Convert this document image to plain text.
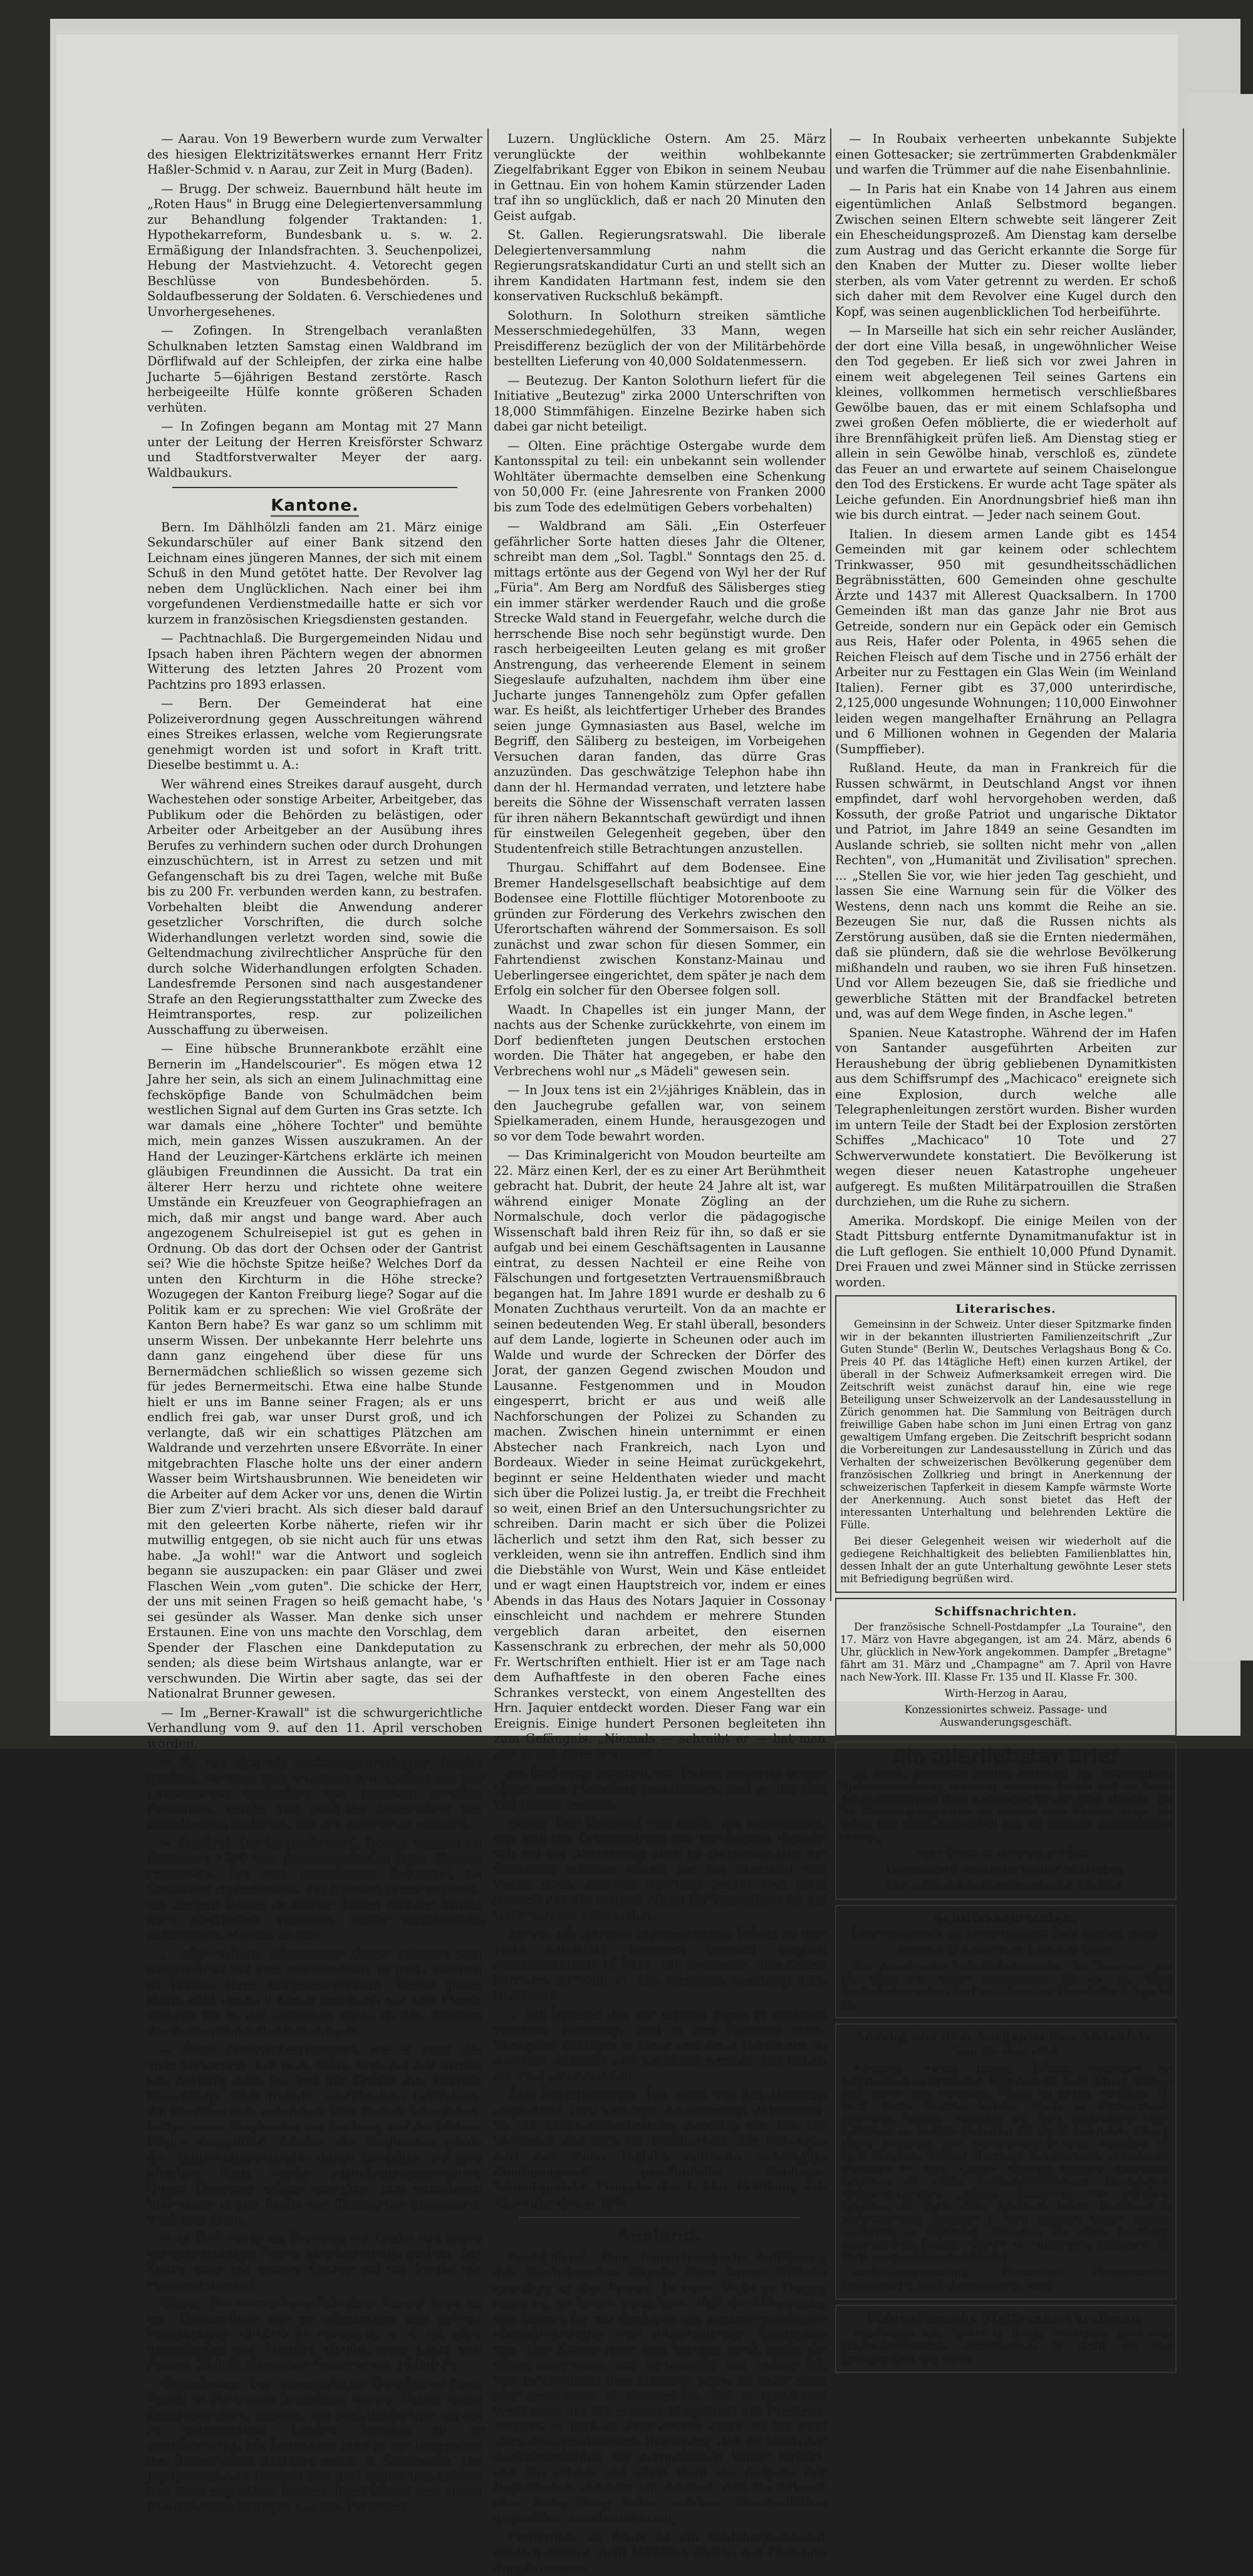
— Aarau. Von 19 Bewerbern wurde zum Verwalter des hiesigen Elektrizitätswerkes ernannt Herr Fritz Haßler-Schmid v. n Aarau, zur Zeit in Murg (Baden).

— Brugg. Der schweiz. Bauernbund hält heute im „Roten Haus" in Brugg eine Delegiertenversammlung zur Behandlung folgender Traktanden: 1. Hypothekarreform, Bundesbank u. s. w. 2. Ermäßigung der Inlandsfrachten. 3. Seuchenpolizei, Hebung der Mastviehzucht. 4. Vetorecht gegen Beschlüsse von Bundesbehörden. 5. Soldaufbesserung der Soldaten. 6. Verschiedenes und Unvorhergesehenes.

— Zofingen. In Strengelbach veranlaßten Schulknaben letzten Samstag einen Waldbrand im Dörflifwald auf der Schleipfen, der zirka eine halbe Jucharte 5—6jährigen Bestand zerstörte. Rasch herbeigeeilte Hülfe konnte größeren Schaden verhüten.

— In Zofingen begann am Montag mit 27 Mann unter der Leitung der Herren Kreisförster Schwarz und Stadtforstverwalter Meyer der aarg. Waldbaukurs.

Kantone.

Bern. Im Dählhölzli fanden am 21. März einige Sekundarschüler auf einer Bank sitzend den Leichnam eines jüngeren Mannes, der sich mit einem Schuß in den Mund getötet hatte. Der Revolver lag neben dem Unglücklichen. Nach einer bei ihm vorgefundenen Verdienstmedaille hatte er sich vor kurzem in französischen Kriegsdiensten gestanden.

— Pachtnachlaß. Die Burgergemeinden Nidau und Ipsach haben ihren Pächtern wegen der abnormen Witterung des letzten Jahres 20 Prozent vom Pachtzins pro 1893 erlassen.

— Bern. Der Gemeinderat hat eine Polizeiverordnung gegen Ausschreitungen während eines Streikes erlassen, welche vom Regierungsrate genehmigt worden ist und sofort in Kraft tritt. Dieselbe bestimmt u. A.:

Wer während eines Streikes darauf ausgeht, durch Wachestehen oder sonstige Arbeiter, Arbeitgeber, das Publikum oder die Behörden zu belästigen, oder Arbeiter oder Arbeitgeber an der Ausübung ihres Berufes zu verhindern suchen oder durch Drohungen einzuschüchtern, ist in Arrest zu setzen und mit Gefangenschaft bis zu drei Tagen, welche mit Buße bis zu 200 Fr. verbunden werden kann, zu bestrafen. Vorbehalten bleibt die Anwendung anderer gesetzlicher Vorschriften, die durch solche Widerhandlungen verletzt worden sind, sowie die Geltendmachung zivilrechtlicher Ansprüche für den durch solche Widerhandlungen erfolgten Schaden. Landesfremde Personen sind nach ausgestandener Strafe an den Regierungsstatthalter zum Zwecke des Heimtransportes, resp. zur polizeilichen Ausschaffung zu überweisen.

— Eine hübsche Brunnerankbote erzählt eine Bernerin im „Handelscourier". Es mögen etwa 12 Jahre her sein, als sich an einem Julinachmittag eine fechsköpfige Bande von Schulmädchen beim westlichen Signal auf dem Gurten ins Gras setzte. Ich war damals eine „höhere Tochter" und bemühte mich, mein ganzes Wissen auszukramen. An der Hand der Leuzinger-Kärtchens erklärte ich meinen gläubigen Freundinnen die Aussicht. Da trat ein älterer Herr herzu und richtete ohne weitere Umstände ein Kreuzfeuer von Geographiefragen an mich, daß mir angst und bange ward. Aber auch angezogenem Schulreisepiel ist gut es gehen in Ordnung. Ob das dort der Ochsen oder der Gantrist sei? Wie die höchste Spitze heiße? Welches Dorf da unten den Kirchturm in die Höhe strecke? Wozugegen der Kanton Freiburg liege? Sogar auf die Politik kam er zu sprechen: Wie viel Großräte der Kanton Bern habe? Es war ganz so um schlimm mit unserm Wissen. Der unbekannte Herr belehrte uns dann ganz eingehend über diese für uns Bernermädchen schließlich so wissen gezeme sich für jedes Bernermeitschi. Etwa eine halbe Stunde hielt er uns im Banne seiner Fragen; als er uns endlich frei gab, war unser Durst groß, und ich verlangte, daß wir ein schattiges Plätzchen am Waldrande und verzehrten unsere Eßvorräte. In einer mitgebrachten Flasche holte uns der einer andern Wasser beim Wirtshausbrunnen. Wie beneideten wir die Arbeiter auf dem Acker vor uns, denen die Wirtin Bier zum Z'vieri bracht. Als sich dieser bald darauf mit den geleerten Korbe näherte, riefen wir ihr mutwillig entgegen, ob sie nicht auch für uns etwas habe. „Ja wohl!" war die Antwort und sogleich begann sie auszupacken: ein paar Gläser und zwei Flaschen Wein „vom guten". Die schicke der Herr, der uns mit seinen Fragen so heiß gemacht habe, 's sei gesünder als Wasser. Man denke sich unser Erstaunen. Eine von uns machte den Vorschlag, dem Spender der Flaschen eine Dankdeputation zu senden; als diese beim Wirtshaus anlangte, war er verschwunden. Die Wirtin aber sagte, das sei der Nationalrat Brunner gewesen.

— Im „Berner-Krawall" ist die schwurgerichtliche Verhandlung vom 9. auf den 11. April verschoben worden.

— Es hat sich ein sozialdemokratisches Komite gebildet, welches den Arbeitern den Austritt aus der Landeskirche erleichtern will. Wasfliegt verteilte Formulare, welche bloß noch der Unterschrift des Betreffenden bedürfen, um den Austritt zu erklären.

— Pruntrut. Der Raubmörder C. Doyon, welcher im Dezember 1890 den Bankangestellten Beda Thomas ermordete, lief laut jurassischen Zeitungen im Gefängnis eingestanden, der Urheber eines weiteren, vor einigen Jahren an Olivier Studer auf der Straße nach Courtedoux verübten, bisher unaufgeklärt gebliebenen Mordes zu sein.

— Eine seltene militärische Größe befindet sich gegenwärtig auf dem Beundenfelde in Bern, nämlich in Person eines Dragonerrekruten. Dieser junge Mann mißt genau 2 Meter und kann auf dem Pferde stehend bis zu der untersten Säule an den Bändern des Gauls abheruntenherschlagen.

— Einen Arrestantentransport, wie er nicht alle Tage vorkommt, sah man letzte Tage auf der Straße von Aarberg nach Ins und der Grenze des Kantons Neuenburg. Zwei fremde, schriftenlose Individuen, die überdies sich weigerten, ihre Namen anzugeben, hatten einen Elephanten von Aarberg und die hintern Wägen weggeführt. Inhaber des Elephanten wurde der Regierungsstatthalter durch Landjäger auf dem gleichen Wege wieder zurückzutransportieren. Dieser Dragoner beiden schriften- und mittellosen Individuen in den Besitz des Elephanten gekommen, weiß man nicht.

— In Biel wurde am Dienstag ein Knabe von einem schwerbeladenen Wagen überfahren und getötet. Der Knabe hatte mit andern Knaben auf der Straße mit Marmeln gespielt.

Glarus. Der verstorbene Fabrikant Kaspar Jenni an der Ziegelbrücke hat an öffentlichen und private Vergabungen 120,000 Fr. vermacht; u. A. an seine Angestellten und Arbeiter 46,000, arme Leute und Private 30,000, Gemeinde Niederurnen 18,000 Fr.

Graubünden. Der bündnerische Bergführer Andr. Rauch in Pontresina begleitete diesen Winter einen Engländer nach Arabien, um dort großartige Jagden zu unternehmen. Letzten Samstag ist er zurückgekehrt. Die letzte Jagd fand in der Umgebung des Berges Sinai statt und ergab 36 Steinböcke. Die Jagdgesellschaft bestand aus drei englischen Herren und zwei englischen Damen, Jäger Rauch und einem französischen Kollegen aus den Pyrenäen.

Luzern. Unglückliche Ostern. Am 25. März verunglückte der weithin wohlbekannte Ziegelfabrikant Egger von Ebikon in seinem Neubau in Gettnau. Ein von hohem Kamin stürzender Laden traf ihn so unglücklich, daß er nach 20 Minuten den Geist aufgab.

St. Gallen. Regierungsratswahl. Die liberale Delegiertenversammlung nahm die Regierungsratskandidatur Curti an und stellt sich an ihrem Kandidaten Hartmann fest, indem sie den konservativen Ruckschluß bekämpft.

Solothurn. In Solothurn streiken sämtliche Messerschmiedegehülfen, 33 Mann, wegen Preisdifferenz bezüglich der von der Militärbehörde bestellten Lieferung von 40,000 Soldatenmessern.

— Beutezug. Der Kanton Solothurn liefert für die Initiative „Beutezug" zirka 2000 Unterschriften von 18,000 Stimmfähigen. Einzelne Bezirke haben sich dabei gar nicht beteiligt.

— Olten. Eine prächtige Ostergabe wurde dem Kantonsspital zu teil: ein unbekannt sein wollender Wohltäter übermachte demselben eine Schenkung von 50,000 Fr. (eine Jahresrente von Franken 2000 bis zum Tode des edelmütigen Gebers vorbehalten)

— Waldbrand am Säli. „Ein Osterfeuer gefährlicher Sorte hatten dieses Jahr die Oltener, schreibt man dem „Sol. Tagbl." Sonntags den 25. d. mittags ertönte aus der Gegend von Wyl her der Ruf „Füria". Am Berg am Nordfuß des Sälisberges stieg ein immer stärker werdender Rauch und die große Strecke Wald stand in Feuergefahr, welche durch die herrschende Bise noch sehr begünstigt wurde. Den rasch herbeigeeilten Leuten gelang es mit großer Anstrengung, das verheerende Element in seinem Siegeslaufe aufzuhalten, nachdem ihm über eine Jucharte junges Tannengehölz zum Opfer gefallen war. Es heißt, als leichtfertiger Urheber des Brandes seien junge Gymnasiasten aus Basel, welche im Begriff, den Säliberg zu besteigen, im Vorbeigehen Versuchen daran fanden, das dürre Gras anzuzünden. Das geschwätzige Telephon habe ihn dann der hl. Hermandad verraten, und letztere habe bereits die Söhne der Wissenschaft verraten lassen für ihren nähern Bekanntschaft gewürdigt und ihnen für einstweilen Gelegenheit gegeben, über den Studentenfreich stille Betrachtungen anzustellen.

Thurgau. Schiffahrt auf dem Bodensee. Eine Bremer Handelsgesellschaft beabsichtige auf dem Bodensee eine Flottille flüchtiger Motorenboote zu gründen zur Förderung des Verkehrs zwischen den Uferortschaften während der Sommersaison. Es soll zunächst und zwar schon für diesen Sommer, ein Fahrtendienst zwischen Konstanz-Mainau und Ueberlingersee eingerichtet, dem später je nach dem Erfolg ein solcher für den Obersee folgen soll.

Waadt. In Chapelles ist ein junger Mann, der nachts aus der Schenke zurückkehrte, von einem im Dorf bedienfteten jungen Deutschen erstochen worden. Die Thäter hat angegeben, er habe den Verbrechens wohl nur „s Mädeli" gewesen sein.

— In Joux tens ist ein 2½jähriges Knäblein, das in den Jauchegrube gefallen war, von seinem Spielkameraden, einem Hunde, herausgezogen und so vor dem Tode bewahrt worden.

— Das Kriminalgericht von Moudon beurteilte am 22. März einen Kerl, der es zu einer Art Berühmtheit gebracht hat. Dubrit, der heute 24 Jahre alt ist, war während einiger Monate Zögling an der Normalschule, doch verlor die pädagogische Wissenschaft bald ihren Reiz für ihn, so daß er sie aufgab und bei einem Geschäftsagenten in Lausanne eintrat, zu dessen Nachteil er eine Reihe von Fälschungen und fortgesetzten Vertrauensmißbrauch begangen hat. Im Jahre 1891 wurde er deshalb zu 6 Monaten Zuchthaus verurteilt. Von da an machte er seinen bedeutenden Weg. Er stahl überall, besonders auf dem Lande, logierte in Scheunen oder auch im Walde und wurde der Schrecken der Dörfer des Jorat, der ganzen Gegend zwischen Moudon und Lausanne. Festgenommen und in Moudon eingesperrt, bricht er aus und weiß alle Nachforschungen der Polizei zu Schanden zu machen. Zwischen hinein unternimmt er einen Abstecher nach Frankreich, nach Lyon und Bordeaux. Wieder in seine Heimat zurückgekehrt, beginnt er seine Heldenthaten wieder und macht sich über die Polizei lustig. Ja, er treibt die Frechheit so weit, einen Brief an den Untersuchungsrichter zu schreiben. Darin macht er sich über die Polizei lächerlich und setzt ihm den Rat, sich besser zu verkleiden, wenn sie ihn antreffen. Endlich sind ihm die Diebstähle von Wurst, Wein und Käse entleidet und er wagt einen Hauptstreich vor, indem er eines Abends in das Haus des Notars Jaquier in Cossonay einschleicht und nachdem er mehrere Stunden vergeblich daran arbeitet, den eisernen Kassenschrank zu erbrechen, der mehr als 50,000 Fr. Wertschriften enthielt. Hier ist er am Tage nach dem Aufhaftfeste in den oberen Fache eines Schrankes versteckt, von einem Angestellten des Hrn. Jaquier entdeckt worden. Dieser Fang war ein Ereignis. Einige hundert Personen begleiteten ihn zum Gefängnis. „Niemals — schreibt er — hat man mir so viel Ehre erwiesen."

Im Gefängnis nämlich hat Dubrit während seiner Muße seine Memoiren geschrieben, und er hat sich viel Humor gespart.

Wallis. Der Staatsrat von Wallis hat beschlossen, den Bau der Grimselstraße auf bernischem Gebiete soll mit der Ausführung noch im laufenden Jahr die Eröffnung erfolgen könne, hat der Staatsrat von Wallis einen gleichen Beschluß gefaßt und beim Großen Rat die nötigen Mittel für Vorschüsse an die Unternehmer nachsuchen.

Zürich. Die Zürcher Straßenbahnen haben im Jahr 1893 3,958,944 Personen spediert (täglich durchschnittlich 10,841). Die gesamten Einnahmen betrugen 517,000 Fr. Die Direktion beantragt 15% Dividende.

— Die Urheber des vor einigen Tagen in Zumikon verübten Totschlags sind in den Personen eines Spenglers Zollinger in Maur und eines Hardmeier in Zumikon entdeckt und verhaftet worden. Sie haben die That eingestanden.

Zum Schreinerstreik. Der neue, von den Meistern abgelehnte Tarif verlangt: neunstündige Arbeitszeit, 55 Cts. Minimalstundenlohn, Zuschlag von 30% für Ueberzeit und 50% für Nachtarbeit, der Detompte darf nur einen Taglohn betragen, achttägige Kündigungszeit, gewöhnliche Zahltage, Schiedsgericht, Freigabe des 1. Mai, Erhöhung des Akkordtarifs um 20%.

Ausland.

Deutschland. Eine bemerkenswerte Aeußerung des Reichskanzlers Caprivi über Kaiser Wilhelm zirkuliert in der Presse. In einer Rede in Danzig sagte er, er könne versichern, daß die Mitwirkung des Kaisers für das Gelingen des deutsch-russischen Handelsvertrages von entscheidender Bedeutung war. Der Kaiser habe den Vertrag nicht allein für etwas angesehen, was gleichzeitig von Nutzen ist, was Deutschland dem Nachbar wäre. Er hatte auch eine Beachtung, er welches ist, daß er durch das Werk nicht nur ein erneute Bürgschaft des Friedens, sondern er hielt es ganz ebenso darin, es sei wohl wäre eine geschlossene Bewegung, daß sie allein der Zusammenschluß der europäischen Völker fordert, und ein solcher sei allein nicht die Aufgabe der Regierenden, sondern ein Zeichen, daß die Zukunft eine Entwicklung habe, welchen Eventualitäten gegenüber vorzubereiten sei.

Frankreich. In Ronei ist ein Mädchenpensionat niedergebrannt. Acht Mädchen sind in den Flammen umgekommen.

— In Roubaix verheerten unbekannte Subjekte einen Gottesacker; sie zertrümmerten Grabdenkmäler und warfen die Trümmer auf die nahe Eisenbahnlinie.

— In Paris hat ein Knabe von 14 Jahren aus einem eigentümlichen Anlaß Selbstmord begangen. Zwischen seinen Eltern schwebte seit längerer Zeit ein Ehescheidungsprozeß. Am Dienstag kam derselbe zum Austrag und das Gericht erkannte die Sorge für den Knaben der Mutter zu. Dieser wollte lieber sterben, als vom Vater getrennt zu werden. Er schoß sich daher mit dem Revolver eine Kugel durch den Kopf, was seinen augenblicklichen Tod herbeiführte.

— In Marseille hat sich ein sehr reicher Ausländer, der dort eine Villa besaß, in ungewöhnlicher Weise den Tod gegeben. Er ließ sich vor zwei Jahren in einem weit abgelegenen Teil seines Gartens ein kleines, vollkommen hermetisch verschließbares Gewölbe bauen, das er mit einem Schlafsopha und zwei großen Oefen möblierte, die er wiederholt auf ihre Brennfähigkeit prüfen ließ. Am Dienstag stieg er allein in sein Gewölbe hinab, verschloß es, zündete das Feuer an und erwartete auf seinem Chaiselongue den Tod des Erstickens. Er wurde acht Tage später als Leiche gefunden. Ein Anordnungsbrief hieß man ihn wie bis durch eintrat. — Jeder nach seinem Gout.

Italien. In diesem armen Lande gibt es 1454 Gemeinden mit gar keinem oder schlechtem Trinkwasser, 950 mit gesundheitsschädlichen Begräbnisstätten, 600 Gemeinden ohne geschulte Ärzte und 1437 mit Allerest Quacksalbern. In 1700 Gemeinden ißt man das ganze Jahr nie Brot aus Getreide, sondern nur ein Gepäck oder ein Gemisch aus Reis, Hafer oder Polenta, in 4965 sehen die Reichen Fleisch auf dem Tische und in 2756 erhält der Arbeiter nur zu Festtagen ein Glas Wein (im Weinland Italien). Ferner gibt es 37,000 unterirdische, 2,125,000 ungesunde Wohnungen; 110,000 Einwohner leiden wegen mangelhafter Ernährung an Pellagra und 6 Millionen wohnen in Gegenden der Malaria (Sumpffieber).

Rußland. Heute, da man in Frankreich für die Russen schwärmt, in Deutschland Angst vor ihnen empfindet, darf wohl hervorgehoben werden, daß Kossuth, der große Patriot und ungarische Diktator und Patriot, im Jahre 1849 an seine Gesandten im Auslande schrieb, sie sollten nicht mehr von „allen Rechten", von „Humanität und Zivilisation" sprechen. ... „Stellen Sie vor, wie hier jeden Tag geschieht, und lassen Sie eine Warnung sein für die Völker des Westens, denn nach uns kommt die Reihe an sie. Bezeugen Sie nur, daß die Russen nichts als Zerstörung ausüben, daß sie die Ernten niedermähen, daß sie plündern, daß sie die wehrlose Bevölkerung mißhandeln und rauben, wo sie ihren Fuß hinsetzen. Und vor Allem bezeugen Sie, daß sie friedliche und gewerbliche Stätten mit der Brandfackel betreten und, was auf dem Wege finden, in Asche legen."

Spanien. Neue Katastrophe. Während der im Hafen von Santander ausgeführten Arbeiten zur Heraushebung der übrig gebliebenen Dynamitkisten aus dem Schiffsrumpf des „Machicaco" ereignete sich eine Explosion, durch welche alle Telegraphenleitungen zerstört wurden. Bisher wurden im untern Teile der Stadt bei der Explosion zerstörten Schiffes „Machicaco" 10 Tote und 27 Schwerverwundete konstatiert. Die Bevölkerung ist wegen dieser neuen Katastrophe ungeheuer aufgeregt. Es mußten Militärpatrouillen die Straßen durchziehen, um die Ruhe zu sichern.

Amerika. Mordskopf. Die einige Meilen von der Stadt Pittsburg entfernte Dynamitmanufaktur ist in die Luft geflogen. Sie enthielt 10,000 Pfund Dynamit. Drei Frauen und zwei Männer sind in Stücke zerrissen worden.

Literarisches.

Gemeinsinn in der Schweiz. Unter dieser Spitzmarke finden wir in der bekannten illustrierten Familienzeitschrift „Zur Guten Stunde" (Berlin W., Deutsches Verlagshaus Bong & Co. Preis 40 Pf. das 14tägliche Heft) einen kurzen Artikel, der überall in der Schweiz Aufmerksamkeit erregen wird. Die Zeitschrift weist zunächst darauf hin, eine wie rege Beteiligung unser Schweizervolk an der Landesausstellung in Zürich genommen hat. Die Sammlung von Beiträgen durch freiwillige Gaben habe schon im Juni einen Ertrag von ganz gewaltigem Umfang ergeben. Die Zeitschrift bespricht sodann die Vorbereitungen zur Landesausstellung in Zürich und das Verhalten der schweizerischen Bevölkerung gegenüber dem französischen Zollkrieg und bringt in Anerkennung der schweizerischen Tapferkeit in diesem Kampfe wärmste Worte der Anerkennung. Auch sonst bietet das Heft der interessanten Unterhaltung und belehrenden Lektüre die Fülle.

Bei dieser Gelegenheit weisen wir wiederholt auf die gediegene Reichhaltigkeit des beliebten Familienblattes hin, dessen Inhalt der an gute Unterhaltung gewöhnte Leser stets mit Befriedigung begrüßen wird.

Schiffsnachrichten.

Der französische Schnell-Postdampfer „La Touraine", den 17. März von Havre abgegangen, ist am 24. März, abends 6 Uhr, glücklich in New-York angekommen. Dampfer „Bretagne" fährt am 31. März und „Champagne" am 7. April von Havre nach New-York. III. Klasse Fr. 135 und II. Klasse Fr. 300.

Wirth-Herzog in Aarau,

Konzessionirtes schweiz. Passage- und Auswanderungsgeschäft.

Ein allerliebster Brief

an Herrn Apotheker Golliez, Fabrikant des eisenhaltigen Nußschaalen-Syrup, adressirt: Erlauben Sie mir, daß ich Ihnen den aufrichtigsten Dank ausspreche für die guten Dienste, die Ihr Blutreinigungsmittel bei meinen zwei Kindern hatte; sie haben ihre ganze Gesundheit und die schönste Gesichtsfarbe erlangt.

sig.: Gräfin de la Senne in Nizza.

Hauptdepot: Apotheke Golliez in Murten.

Man achte auf die Fabrikmarke der 2 Palmen.

Schiffsnachrichten.

Kabel-Telegramm der Generalagentur Zwilchenbart, Basel.

Vertreter in Aarau: Herr J. Fischer, Notar.

Der französische Schnell-Postdampfer „La Touraine", am 17. März von Havre abgegangen, ist am 24. März wohlbehalten in New-York angekommen. Reisedauer 7 Tage 12 St.

Auszug aus dem Aargauischen Amtsblatt.

Vom 24. März 1894

Konkurse. Aarau. Läuppi, Johann, Schreiner im Schönenberg zu Gränichen. Eingaben 28. April. Brugg: Wittwe Rod, Marie, geb. Baumann, Weibel zu Brugg. Eingaben 21. April. Kulm: Somme, Lehrer, Jakob, in Zimmermann, Schreiner, Reinach. Eingaben 28. April. Laufenburg: Hort, Schreiner, in Mettau. Eingaben 25. April. Lenzburg: Kieser-Meyer, Friedrich, gew. Sternenwirth in Seon. Eingaben 24. April. Zofingen: Widmer, Hermann, Fabrikarbeiter in Safenwil. Eingaben 14. April. Luzern: Bischoff, Gottlieb, Kaufmann. Eingaben 22. April. Konkurs-Eröffnungen. Bremgarten: Fischer-Ackermann, Johann, Landwirth von Dottikon. Eingaben 25. April. Muri: Leuthard, Leonz, Kaufmann in Merenschwand. Eingaben 4. April. Zurzach: Meyer, Johann, Landwirth in Döttingen. Eingaben 22. April. Lenzburg: Dobermacher, Rudolf, Wagner in Villmergen. Eingaben 22. April, ausgeschlossene Münster.

Stellenausschreibung. Oberschule Oberentfelden. Besoldung Fr. 1300. Anmeldung 9. April.

Eidgenössische Stellenausschreibung.

Paketträger und Packer in Brugg. Besoldung nach dem Ernennungsgesetze. Anmeldungen 5. April bei der Kreispostdirektion Aarau.
